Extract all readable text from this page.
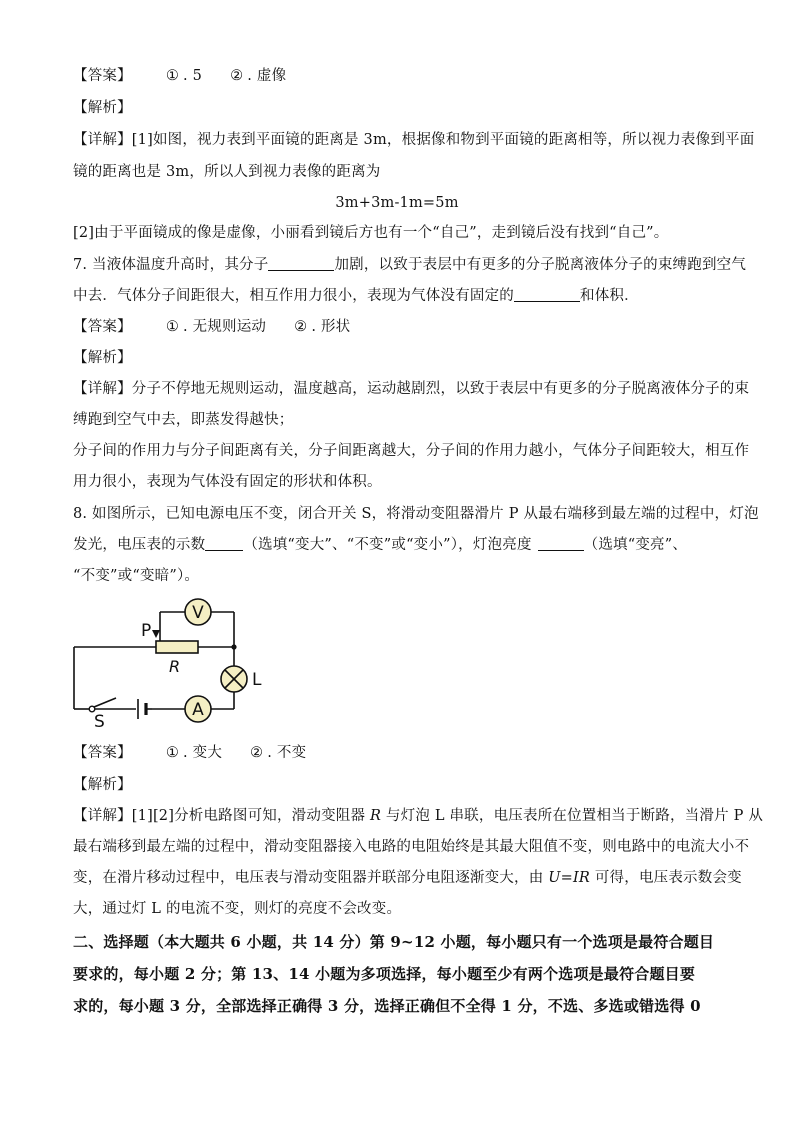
【答案】 ① . 5 ② . 虚像
【解析】
【详解】[1]如图，视力表到平面镜的距离是 3m，根据像和物到平面镜的距离相等，所以视力表像到平面
镜的距离也是 3m，所以人到视力表像的距离为
3m+3m-1m=5m
[2]由于平面镜成的像是虚像，小丽看到镜后方也有一个“自己”，走到镜后没有找到“自己”。
7. 当液体温度升高时，其分子	加剧，以致于表层中有更多的分子脱离液体分子的束缚跑到空气
中去．气体分子间距很大，相互作用力很小，表现为气体没有固定的	和体积．
【答案】 ① . 无规则运动 ② . 形状
【解析】
【详解】分子不停地无规则运动，温度越高，运动越剧烈，以致于表层中有更多的分子脱离液体分子的束
缚跑到空气中去，即蒸发得越快；
分子间的作用力与分子间距离有关，分子间距离越大，分子间的作用力越小，气体分子间距较大，相互作
用力很小，表现为气体没有固定的形状和体积。
8. 如图所示，已知电源电压不变，闭合开关 S，将滑动变阻器滑片 P 从最右端移到最左端的过程中，灯泡
发光，电压表的示数	（选填“变大”、“不变”或“变小”），灯泡亮度	（选填“变亮”、
“不变”或“变暗”）。
V
A
P
R
L
S
【答案】 ① . 变大 ② . 不变
【解析】
【详解】[1][2]分析电路图可知，滑动变阻器 R 与灯泡 L 串联，电压表所在位置相当于断路，当滑片 P 从
最右端移到最左端的过程中，滑动变阻器接入电路的电阻始终是其最大阻值不变，则电路中的电流大小不
变，在滑片移动过程中，电压表与滑动变阻器并联部分电阻逐渐变大，由 U=IR 可得，电压表示数会变
大，通过灯 L 的电流不变，则灯的亮度不会改变。
二、选择题（本大题共 6 小题，共 14 分）第 9~12 小题，每小题只有一个选项是最符合题目
要求的，每小题 2 分；第 13、14 小题为多项选择，每小题至少有两个选项是最符合题目要
求的，每小题 3 分，全部选择正确得 3 分，选择正确但不全得 1 分，不选、多选或错选得 0
